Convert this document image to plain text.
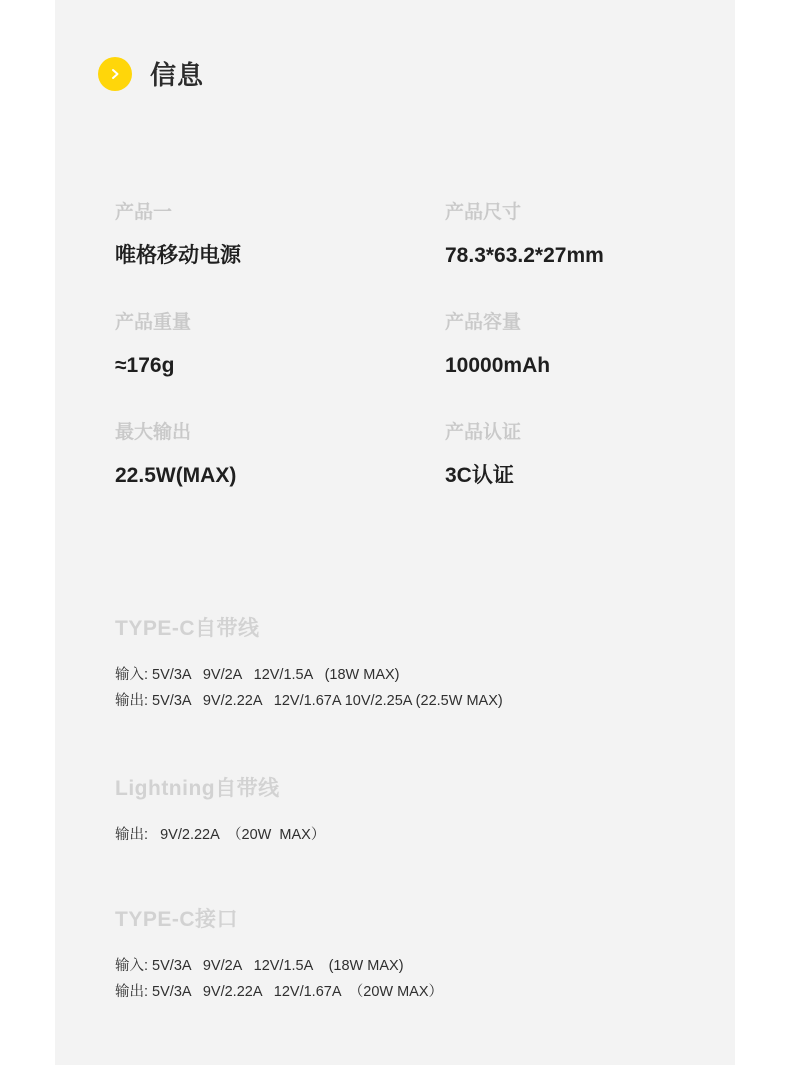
信息
产品一
唯格移动电源
产品尺寸
78.3*63.2*27mm
产品重量
≈176g
产品容量
10000mAh
最大输出
22.5W(MAX)
产品认证
3C认证
TYPE-C自带线
输入: 5V/3A   9V/2A   12V/1.5A   (18W MAX)
输出: 5V/3A   9V/2.22A   12V/1.67A 10V/2.25A (22.5W MAX)
Lightning自带线
输出:   9V/2.22A  （20W  MAX）
TYPE-C接口
输入: 5V/3A   9V/2A   12V/1.5A    (18W MAX)
输出: 5V/3A   9V/2.22A   12V/1.67A  （20W MAX）
